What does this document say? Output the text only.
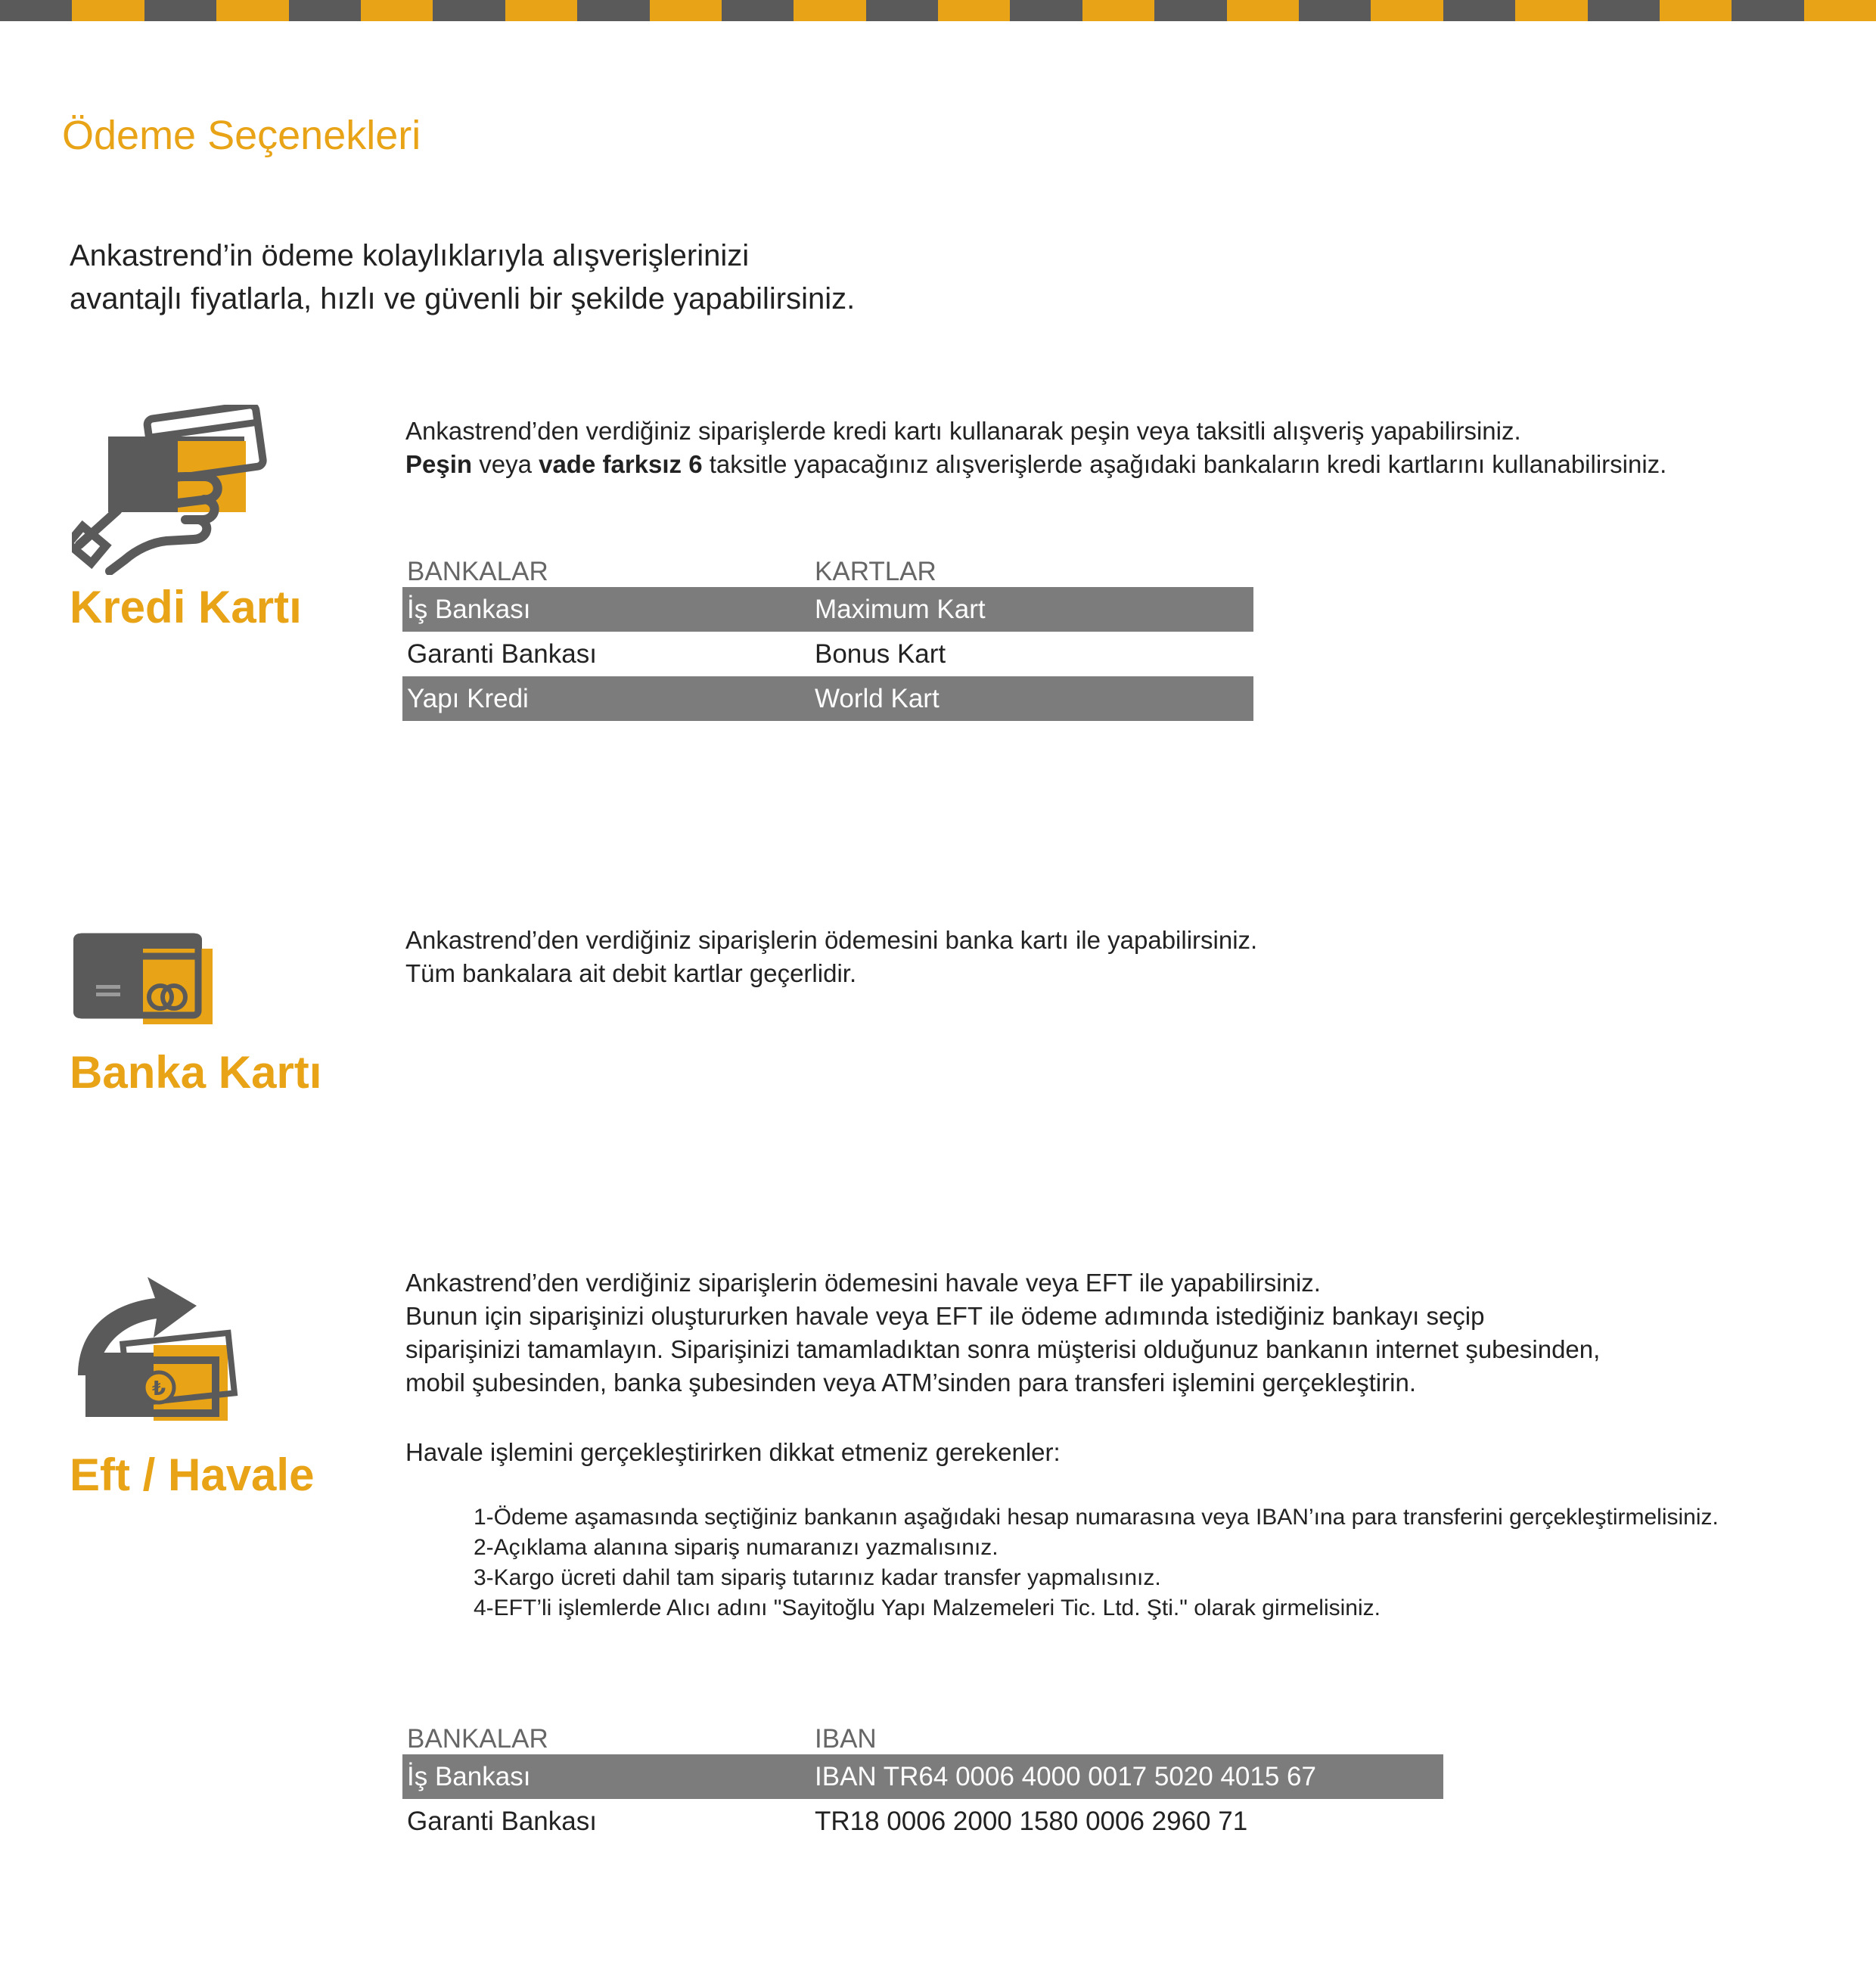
Ödeme Seçenekleri
Ankastrend’in ödeme kolaylıklarıyla alışverişlerinizi
avantajlı fiyatlarla, hızlı ve güvenli bir şekilde yapabilirsiniz.
Kredi Kartı
Ankastrend’den verdiğiniz siparişlerde kredi kartı kullanarak peşin veya taksitli alışveriş yapabilirsiniz.
Peşin veya vade farksız 6 taksitle yapacağınız alışverişlerde aşağıdaki bankaların kredi kartlarını kullanabilirsiniz.
BANKALAR	KARTLAR
İş Bankası	Maximum Kart
Garanti Bankası	Bonus Kart
Yapı Kredi	World Kart
Banka Kartı
Ankastrend’den verdiğiniz siparişlerin ödemesini banka kartı ile yapabilirsiniz.
Tüm bankalara ait debit kartlar geçerlidir.
₺
Eft / Havale
Ankastrend’den verdiğiniz siparişlerin ödemesini havale veya EFT ile yapabilirsiniz.
Bunun için siparişinizi oluştururken havale veya EFT ile ödeme adımında istediğiniz bankayı seçip
siparişinizi tamamlayın. Siparişinizi tamamladıktan sonra müşterisi olduğunuz bankanın internet şubesinden,
mobil şubesinden, banka şubesinden veya ATM’sinden para transferi işlemini gerçekleştirin.
Havale işlemini gerçekleştirirken dikkat etmeniz gerekenler:
1-Ödeme aşamasında seçtiğiniz bankanın aşağıdaki hesap numarasına veya IBAN’ına para transferini gerçekleştirmelisiniz.
2-Açıklama alanına sipariş numaranızı yazmalısınız.
3-Kargo ücreti dahil tam sipariş tutarınız kadar transfer yapmalısınız.
4-EFT’li işlemlerde Alıcı adını "Sayitoğlu Yapı Malzemeleri Tic. Ltd. Şti." olarak girmelisiniz.
BANKALAR	IBAN
İş Bankası	IBAN TR64 0006 4000 0017 5020 4015 67
Garanti Bankası	TR18 0006 2000 1580 0006 2960 71
